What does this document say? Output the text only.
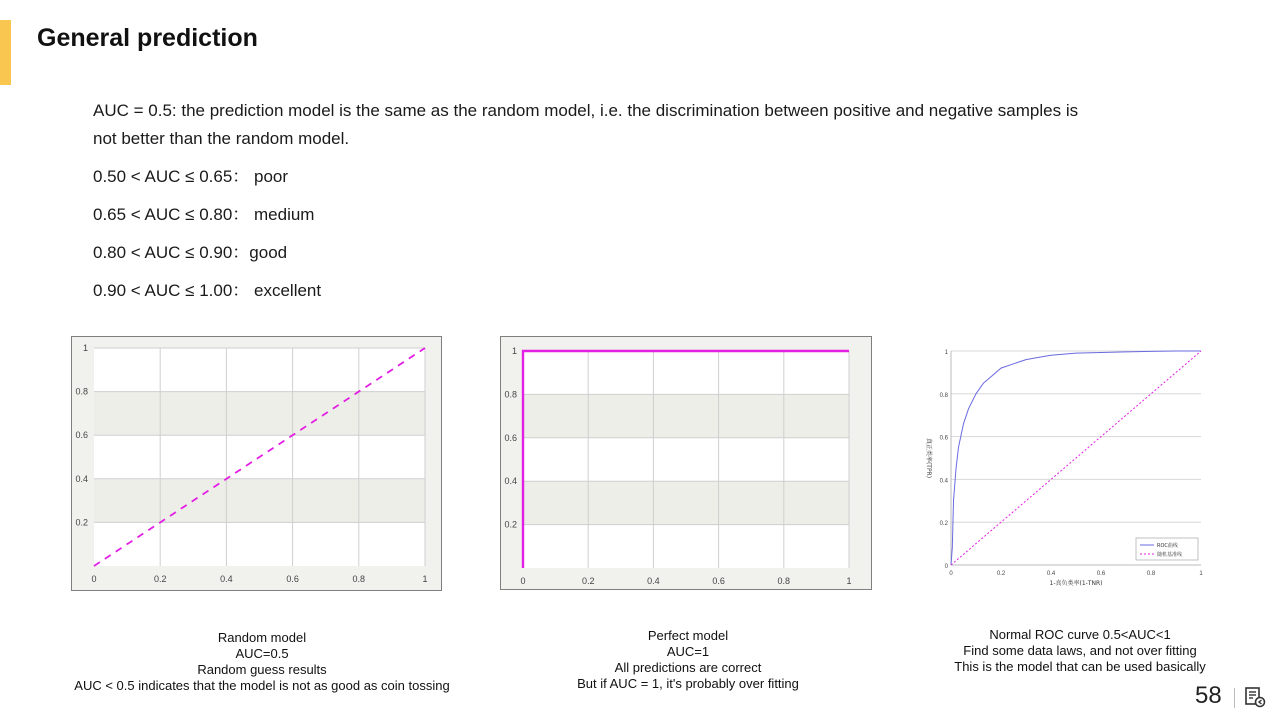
General prediction

AUC = 0.5: the prediction model is the same as the random model, i.e. the discrimination between positive and negative samples is not better than the random model.

0.50 < AUC ≤ 0.65： poor

0.65 < AUC ≤ 0.80： medium

0.80 < AUC ≤ 0.90：good

0.90 < AUC ≤ 1.00： excellent

0	0.2	0.4	0.6	0.8	1
0.2
0.4
0.6
0.8
1
0	0.2	0.4	0.6	0.8	1
0.2
0.4
0.6
0.8
1
0	0.2	0.4	0.6	0.8	1
0
0.2
0.4
0.6
0.8
1
1-真负类率(1-TNR)
真正类率(TPR)
ROC曲线
随机基准线
Random model
AUC=0.5
Random guess results
AUC < 0.5 indicates that the model is not as good as coin tossing
Perfect model
AUC=1
All predictions are correct
But if AUC = 1, it's probably over fitting
Normal ROC curve 0.5<AUC<1
Find some data laws, and not over fitting
This is the model that can be used basically
58
